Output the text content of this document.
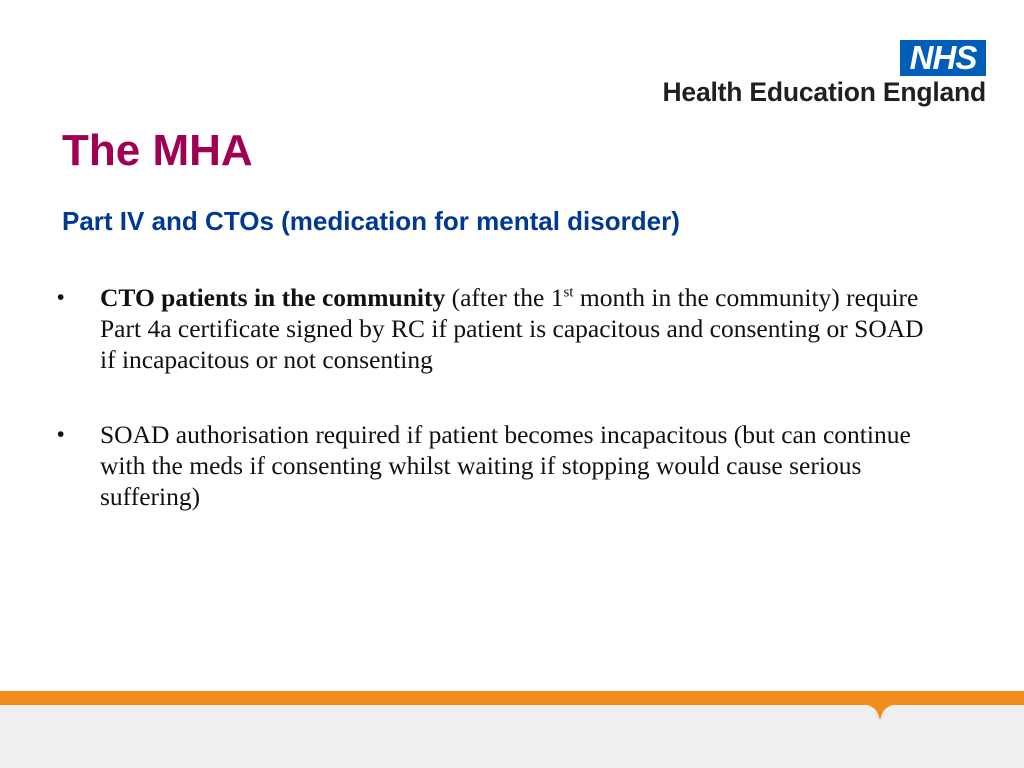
NHS
Health Education England
The MHA
Part IV and CTOs (medication for mental disorder)
• CTO patients in the community (after the 1st month in the community) require Part 4a certificate signed by RC if patient is capacitous and consenting or SOAD if incapacitous or not consenting
• SOAD authorisation required if patient becomes incapacitous (but can continue with the meds if consenting whilst waiting if stopping would cause serious suffering)
